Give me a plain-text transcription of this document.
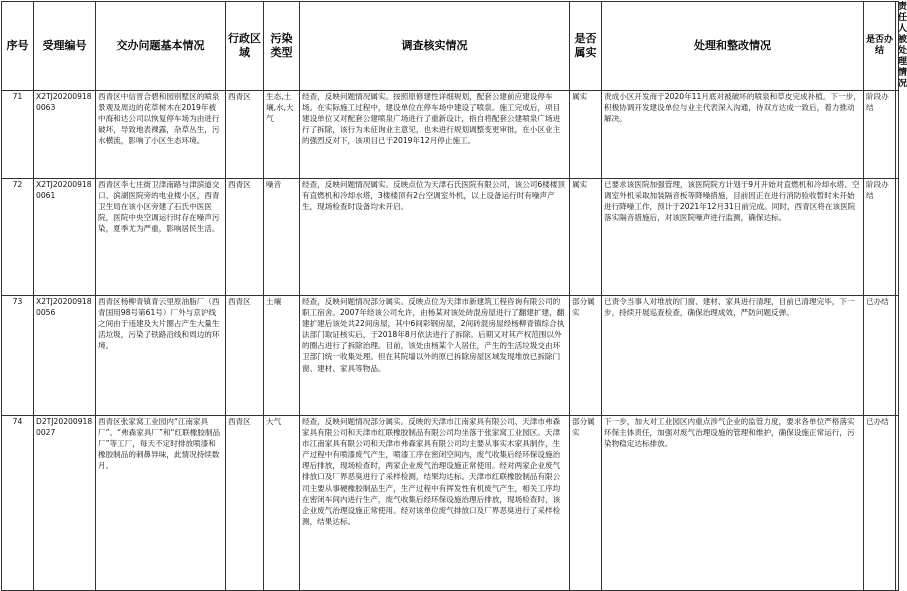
序号	受理编号	交办问题基本情况	行政区域	污染类型	调查核实情况	是否属实	处理和整改情况	是否办结	责任人被处理情况
71	X2TJ202009180063	西青区中信晋合碧和园别墅区的喷泉景观及周边的花草树木在2019年被中海和达公司以恢复停车场为由进行破坏，导致地表裸露，杂草丛生，污水横流，影响了小区生态环境。	西青区	生态,土壤,水,大气	经查，反映问题情况属实。按照原修建性详细规划，配套公建前应建设停车场。在实际施工过程中，建设单位在停车场中建设了喷泉。施工完成后，项目建设单位又对配套公建喷泉广场进行了重新设计，指自将配套公建喷泉广场进行了拆除，该行为未征询业主意见，也未进行规划调整变更审批，在小区业主的强烈反对下，该项目已于2019年12月停止施工。	属实	责成小区开发商于2020年11月底对被破坏的喷泉和草皮完成补植。下一步，积极协调开发建设单位与业主代表深入沟通，待双方达成一致后，着力推动解决。	阶段办结	
72	X2TJ202009180061	西青区李七庄街卫津南路与津滨道交口、滨湖医院旁的电业楼小区，西青卫生局在该小区旁建了石氏中医医院，医院中央空调运行时存在噪声污染，夏季尤为严重，影响居民生活。	西青区	噪音	经查，反映问题情况属实。反映点位为天津石氏医院有限公司，该公司6楼楼顶有直燃机和冷却水塔，3楼楼顶有2台空调室外机，以上设备运行时有噪声产生，现场检查时设备均未开启。	属实	已要求该医院加强管理，该医院院方计划于9月开始对直燃机和冷却水塔、空调室外机采取加装隔音板等降噪措施，目前因正在进行消防验收暂时未开始进行降噪工作，预计于2021年12月31日前完成。同时，西青区将在该医院落实隔音措施后，对该医院噪声进行监测，确保达标。	阶段办结	
73	X2TJ202009180056	西青区杨柳青镇青云里原油脂厂（西青国用98号第61号）厂外与京沪线之间由于违建及大片圈占产生大量生活垃圾，污染了铁路沿线和周边的环境。	西青区	土壤	经查，反映问题情况部分属实。反映点位为天津市新建筑工程咨询有限公司的职工宿舍。2007年经该公司允许，由杨某对该处砖混房屋进行了翻建扩建，翻建扩建后该处共22间房屋，其中6间彩钢房屋，2间砖混房屋经杨柳青镇综合执法部门取证核实后，于2018年8月依法进行了拆除。后期又对其产权范围以外的圈占进行了拆除治理。目前，该处由杨某个人居住，产生的生活垃圾交由环卫部门统一收集处理。但在其院墙以外的原已拆除房屋区域发现堆放已拆除门窗、建材、家具等物品。	部分属实	已责令当事人对堆放的门窗、建材、家具进行清理，目前已清理完毕，下一步，持续开展巡查检查，确保治理成效，严防问题反弹。	已办结	
74	D2TJ202009180027	西青区张家窝工业园内“江南家具厂”、“弗森家具厂”和“红联橡胶制品厂”等工厂，每天不定时排放喷漆和橡胶制品的刺鼻异味，此情况持续数月。	西青区	大气	经查，反映问题情况部分属实。反映的天津市江南家具有限公司、天津市弗森家具有限公司和天津市红联橡胶制品有限公司均坐落于张家窝工业园区。天津市江南家具有限公司和天津市弗森家具有限公司均主要从事实木家具制作，生产过程中有喷漆废气产生，喷漆工序在密闭空间内，废气收集后经环保设施治理后排放，现场检查时，两家企业废气治理设施正常使用。经对两家企业废气排放口及厂界恶臭进行了采样检测，结果均达标。天津市红联橡胶制品有限公司主要从事硬橡胶制品生产，生产过程中有挥发性有机废气产生，相关工序均在密闭车间内进行生产，废气收集后经环保设施治理后排放，现场检查时，该企业废气治理设施正常使用。经对该单位废气排放口及厂界恶臭进行了采样检测，结果达标。	部分属实	下一步，加大对工业园区内重点涉气企业的监管力度，要求各单位严格落实环保主体责任，加强对废气治理设施的管理和维护，确保设施正常运行，污染物稳定达标排放。	已办结	
